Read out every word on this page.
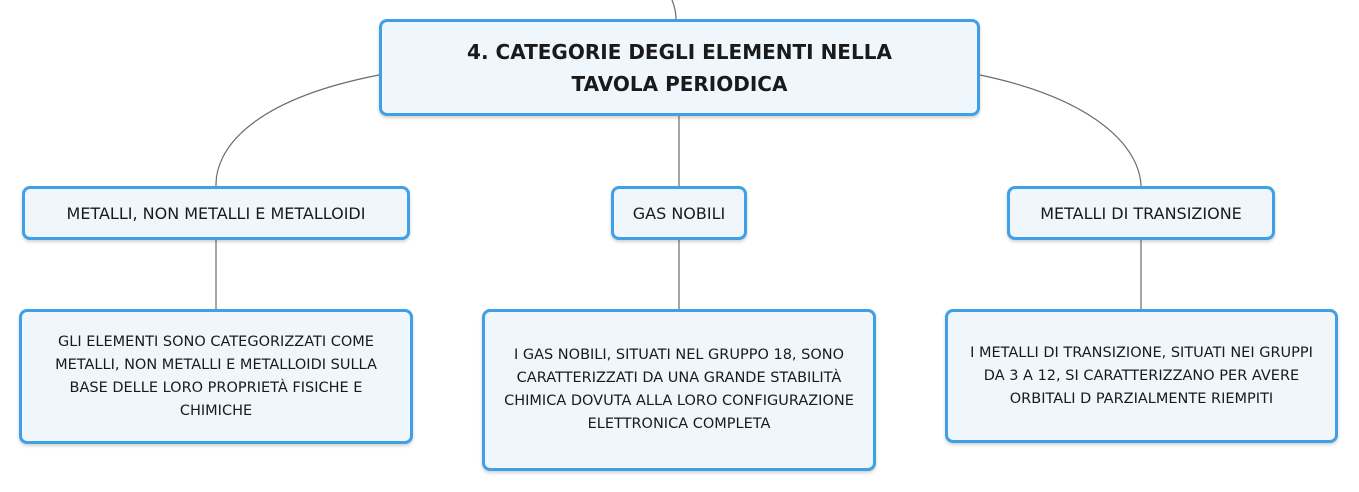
4. CATEGORIE DEGLI ELEMENTI NELLA TAVOLA PERIODICA
METALLI, NON METALLI E METALLOIDI	GAS NOBILI	METALLI DI TRANSIZIONE
GLI ELEMENTI SONO CATEGORIZZATI COME METALLI, NON METALLI E METALLOIDI SULLA BASE DELLE LORO PROPRIETÀ FISICHE E CHIMICHE
I GAS NOBILI, SITUATI NEL GRUPPO 18, SONO CARATTERIZZATI DA UNA GRANDE STABILITÀ CHIMICA DOVUTA ALLA LORO CONFIGURAZIONE ELETTRONICA COMPLETA
I METALLI DI TRANSIZIONE, SITUATI NEI GRUPPI DA 3 A 12, SI CARATTERIZZANO PER AVERE ORBITALI D PARZIALMENTE RIEMPITI
